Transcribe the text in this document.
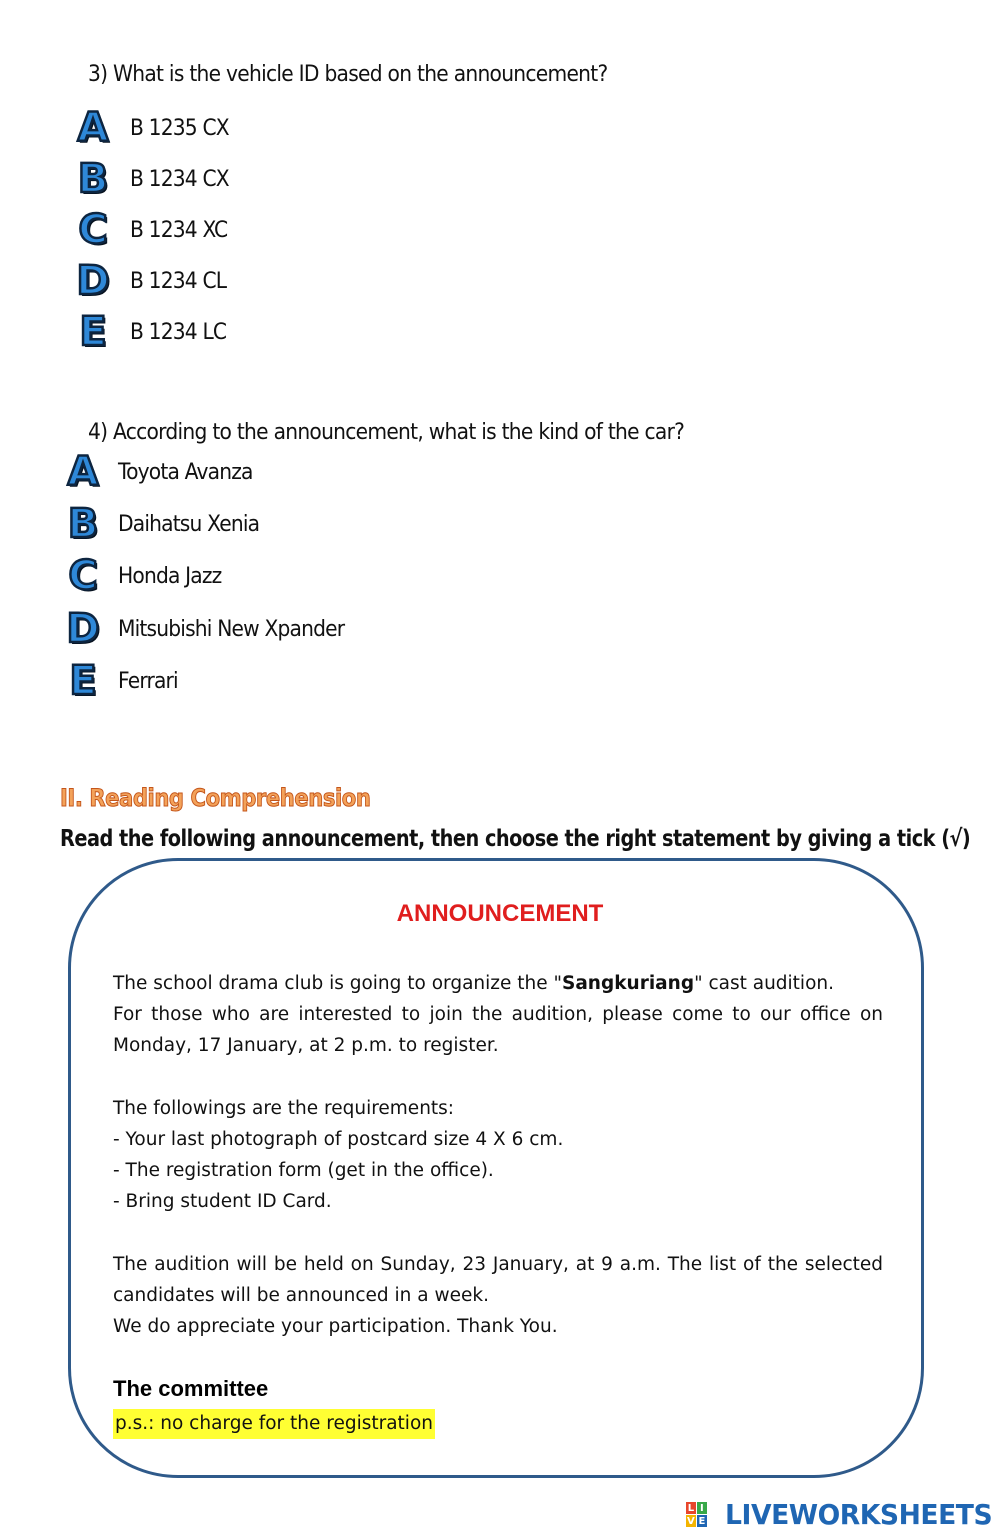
3) What is the vehicle ID based on the announcement?
A B 1235 CX
B B 1234 CX
C B 1234 XC
D B 1234 CL
E B 1234 LC
4) According to the announcement, what is the kind of the car?
A Toyota Avanza
B Daihatsu Xenia
C Honda Jazz
D Mitsubishi New Xpander
E Ferrari
II. Reading Comprehension
Read the following announcement, then choose the right statement by giving a tick (√)
ANNOUNCEMENT

The school drama club is going to organize the "Sangkuriang" cast audition.

For those who are interested to join the audition, please come to our office on Monday, 17 January, at 2 p.m. to register.

The followings are the requirements:

- Your last photograph of postcard size 4 X 6 cm.

- The registration form (get in the office).

- Bring student ID Card.

The audition will be held on Sunday, 23 January, at 9 a.m. The list of the selected candidates will be announced in a week.

We do appreciate your participation. Thank You.

The committee
p.s.: no charge for the registration
L I
V E LIVEWORKSHEETS
